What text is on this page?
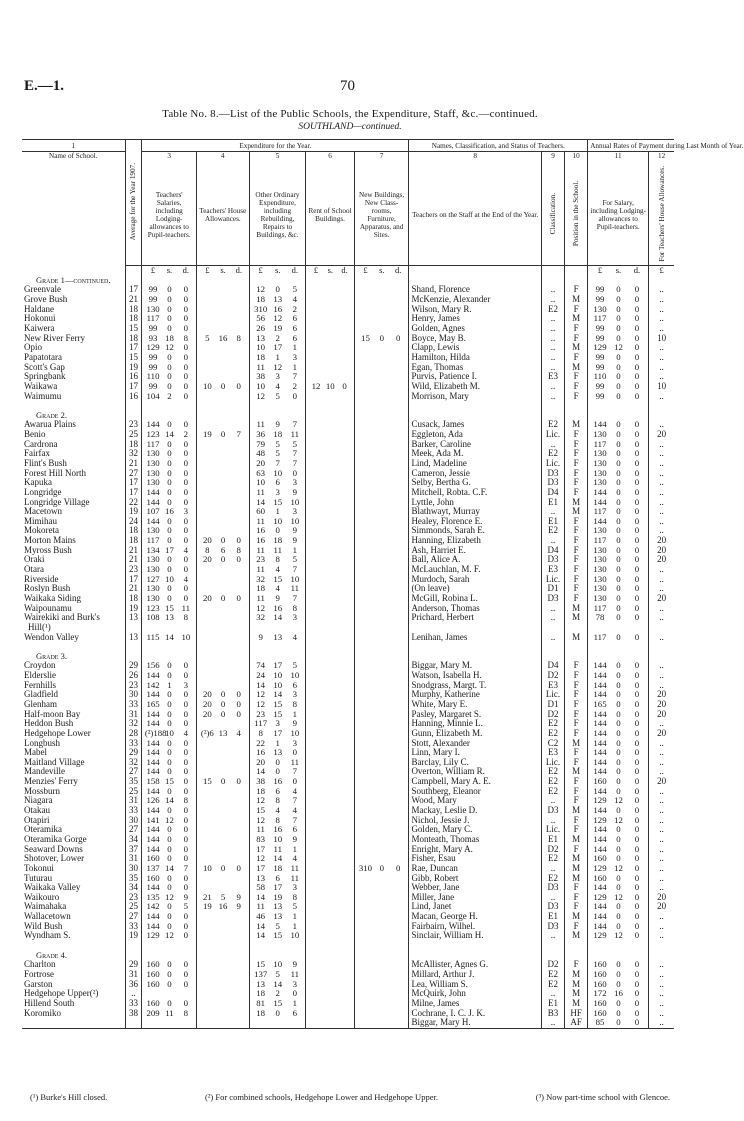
E.—1.	70
Table No. 8.—List of the Public Schools, the Expenditure, Staff, &c.—continued.
SOUTHLAND—continued.
1	Average for the Year 1907.	Expenditure for the Year.					Names, Classification, and Status of Teachers.			Annual Rates of Payment during Last Month of Year.	
Name of School.		3	4	5	6	7	8	9	10	11	12
		Teachers' Salaries, including Lodging-allowances to Pupil-teachers.	Teachers' House Allowances.	Other Ordinary Expenditure, including Rebuilding, Repairs to Buildings, &c.	Rent of School Buildings.	New Buildings, New Class-rooms, Furniture, Apparatus, and Sites.	Teachers on the Staff at the End of the Year.	Classification.	Position in the School.	For Salary, including Lodging-allowances to Pupil-teachers.	For Teachers' House Allowances.
		£ s. d.	£ s. d.	£ s. d.	£ s. d.	£ s. d.				£ s. d.	£
Grade 1—continued.											
Greenvale	17	99 0 0		12 0 5			Shand, Florence	..	F	99 0 0	..
Grove Bush	21	99 0 0		18 13 4			McKenzie, Alexander	..	M	99 0 0	..
Haldane	18	130 0 0		310 16 2			Wilson, Mary R.	E2	F	130 0 0	..
Hokonui	18	117 0 0		56 12 6			Henry, James	..	M	117 0 0	..
Kaiwera	15	99 0 0		26 19 6			Golden, Agnes	..	F	99 0 0	..
New River Ferry	18	93 18 8	5 16 8	13 2 6		15 0 0	Boyce, May B.	..	F	99 0 0	10
Opio	17	129 12 0		10 17 1			Clapp, Lewis	..	M	129 12 0	..
Papatotara	15	99 0 0		18 1 3			Hamilton, Hilda	..	F	99 0 0	..
Scott's Gap	19	99 0 0		11 12 1			Egan, Thomas	..	M	99 0 0	..
Springbank	16	110 0 0		38 3 7			Purvis, Patience I.	E3	F	110 0 0	..
Waikawa	17	99 0 0	10 0 0	10 4 2	12 10 0		Wild, Elizabeth M.	..	F	99 0 0	10
Waimumu	16	104 2 0		12 5 0			Morrison, Mary	..	F	99 0 0	..

Grade 2.											
Awarua Plains	23	144 0 0		11 9 7			Cusack, James	E2	M	144 0 0	..
Benio	25	123 14 2	19 0 7	36 18 11			Eggleton, Ada	Lic.	F	130 0 0	20
Cardrona	18	117 0 0		79 5 5			Barker, Caroline	..	F	117 0 0	..
Fairfax	32	130 0 0		48 5 7			Meek, Ada M.	E2	F	130 0 0	..
Flint's Bush	21	130 0 0		20 7 7			Lind, Madeline	Lic.	F	130 0 0	..
Forest Hill North	27	130 0 0		63 10 0			Cameron, Jessie	D3	F	130 0 0	..
Kapuka	17	130 0 0		10 6 3			Selby, Bertha G.	D3	F	130 0 0	..
Longridge	17	144 0 0		11 3 9			Mitchell, Robta. C.F.	D4	F	144 0 0	..
Longridge Village	22	144 0 0		14 15 10			Lyttle, John	E1	M	144 0 0	..
Macetown	19	107 16 3		60 1 3			Blathwayt, Murray	..	M	117 0 0	..
Mimihau	24	144 0 0		11 10 10			Healey, Florence E.	E1	F	144 0 0	..
Mokoreta	18	130 0 0		16 0 9			Simmonds, Sarah E.	E2	F	130 0 0	..
Morton Mains	18	117 0 0	20 0 0	16 18 9			Hanning, Elizabeth	..	F	117 0 0	20
Myross Bush	21	134 17 4	8 6 8	11 11 1			Ash, Harriet E.	D4	F	130 0 0	20
Oraki	21	130 0 0	20 0 0	23 8 5			Ball, Alice A.	D3	F	130 0 0	20
Otara	23	130 0 0		11 4 7			McLauchlan, M. F.	E3	F	130 0 0	..
Riverside	17	127 10 4		32 15 10			Murdoch, Sarah	Lic.	F	130 0 0	..
Roslyn Bush	21	130 0 0		18 4 11			(On leave)	D1	F	130 0 0	..
Waikaka Siding	18	130 0 0	20 0 0	11 9 7			McGill, Robina L.	D3	F	130 0 0	20
Waipounamu	19	123 15 11		12 16 8			Anderson, Thomas	..	M	117 0 0	..
Wairekiki and Burk's	13	108 13 8		32 14 3			Prichard, Herbert	..	M	78 0 0	..
Hill(¹)											
Wendon Valley	13	115 14 10		9 13 4			Lenihan, James	..	M	117 0 0	..

Grade 3.											
Croydon	29	156 0 0		74 17 5			Biggar, Mary M.	D4	F	144 0 0	..
Elderslie	26	144 0 0		24 10 10			Watson, Isabella H.	D2	F	144 0 0	..
Fernhills	23	142 1 3		14 10 6			Snodgrass, Margt. T.	E3	F	144 0 0	..
Gladfield	30	144 0 0	20 0 0	12 14 3			Murphy, Katherine	Lic.	F	144 0 0	20
Glenham	33	165 0 0	20 0 0	12 15 8			White, Mary E.	D1	F	165 0 0	20
Half-moon Bay	31	144 0 0	20 0 0	23 15 1			Pasley, Margaret S.	D2	F	144 0 0	20
Heddon Bush	32	144 0 0		117 3 9			Hanning, Minnie L.	E2	F	144 0 0	..
Hedgehope Lower	28	(²)18810 4	(²)6 13 4	8 17 10			Gunn, Elizabeth M.	E2	F	144 0 0	20
Longbush	33	144 0 0		22 1 3			Stott, Alexander	C2	M	144 0 0	..
Mabel	29	144 0 0		16 13 0			Linn, Mary I.	E3	F	144 0 0	..
Maitland Village	32	144 0 0		20 0 11			Barclay, Lily C.	Lic.	F	144 0 0	..
Mandeville	27	144 0 0		14 0 7			Overton, William R.	E2	M	144 0 0	..
Menzies' Ferry	35	158 15 0	15 0 0	38 16 0			Campbell, Mary A. E.	E2	F	160 0 0	20
Mossburn	25	144 0 0		18 6 4			Southberg, Eleanor	E2	F	144 0 0	..
Niagara	31	126 14 8		12 8 7			Wood, Mary	..	F	129 12 0	..
Otakau	33	144 0 0		15 4 4			Mackay, Leslie D.	D3	M	144 0 0	..
Otapiri	30	141 12 0		12 8 7			Nichol, Jessie J.	..	F	129 12 0	..
Oteramika	27	144 0 0		11 16 6			Golden, Mary C.	Lic.	F	144 0 0	..
Oteramika Gorge	34	144 0 0		83 10 9			Monteath, Thomas	E1	M	144 0 0	..
Seaward Downs	37	144 0 0		17 11 1			Enright, Mary A.	D2	F	144 0 0	..
Shotover, Lower	31	160 0 0		12 14 4			Fisher, Esau	E2	M	160 0 0	..
Tokonui	30	137 14 7	10 0 0	17 18 11		310 0 0	Rae, Duncan	..	M	129 12 0	..
Tuturau	35	160 0 0		13 6 11			Gibb, Robert	E2	M	160 0 0	..
Waikaka Valley	34	144 0 0		58 17 3			Webber, Jane	D3	F	144 0 0	..
Waikouro	23	135 12 9	21 5 9	14 19 8			Miller, Jane	..	F	129 12 0	20
Waimahaka	25	142 0 5	19 16 9	11 13 5			Lind, Janet	D3	F	144 0 0	20
Wallacetown	27	144 0 0		46 13 1			Macan, George H.	E1	M	144 0 0	..
Wild Bush	33	144 0 0		14 5 1			Fairbairn, Wilhel.	D3	F	144 0 0	..
Wyndham S.	19	129 12 0		14 15 10			Sinclair, William H.	..	M	129 12 0	..

Grade 4.											
Charlton	29	160 0 0		15 10 9			McAllister, Agnes G.	D2	F	160 0 0	..
Fortrose	31	160 0 0		137 5 11			Millard, Arthur J.	E2	M	160 0 0	..
Garston	36	160 0 0		13 14 3			Lea, William S.	E2	M	160 0 0	..
Hedgehope Upper(²)	..			18 2 0			McQuirk, John	..	M	172 16 0	..
Hillend South	33	160 0 0		81 15 1			Milne, James	E1	M	160 0 0	..
Koromiko	38	209 11 8		18 0 6			Cochrane, I. C. J. K.	B3	HF	160 0 0	..
							Biggar, Mary H.	..	AF	85 0 0	..
(¹) Burke's Hill closed.	(²) For combined schools, Hedgehope Lower and Hedgehope Upper.	(³) Now part-time school with Glencoe.
